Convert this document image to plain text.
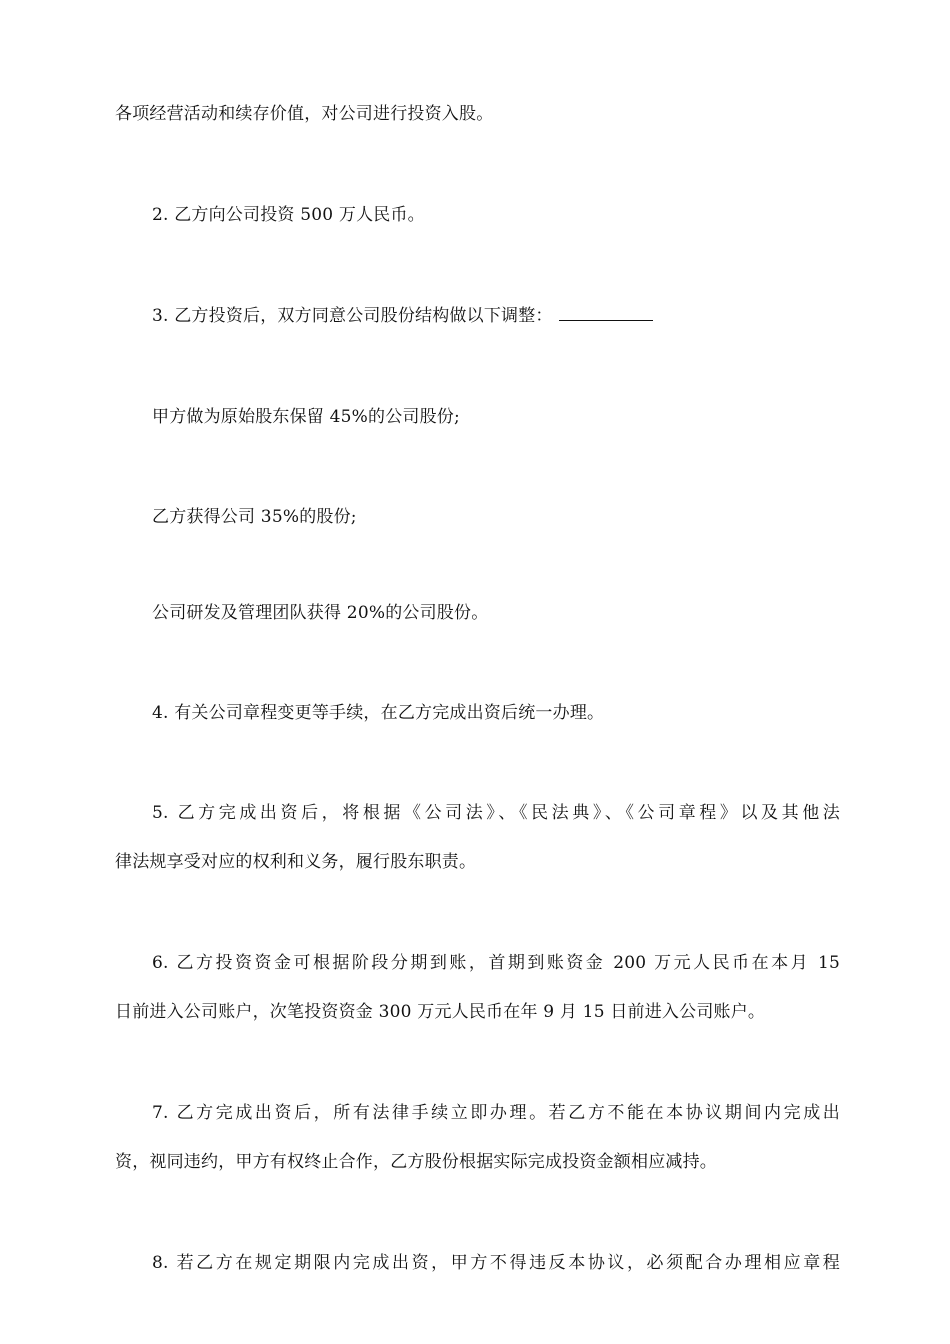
各项经营活动和续存价值，对公司进行投资入股。
2. 乙方向公司投资 500 万人民币。
3. 乙方投资后，双方同意公司股份结构做以下调整：
甲方做为原始股东保留 45%的公司股份;
乙方获得公司 35%的股份;
公司研发及管理团队获得 20%的公司股份。
4. 有关公司章程变更等手续，在乙方完成出资后统一办理。
5. 乙方完成出资后，将根据《公司法》、《民法典》、《公司章程》以及其他法
律法规享受对应的权利和义务，履行股东职责。
6. 乙方投资资金可根据阶段分期到账，首期到账资金 200 万元人民币在本月 15
日前进入公司账户，次笔投资资金 300 万元人民币在年 9 月 15 日前进入公司账户。
7. 乙方完成出资后，所有法律手续立即办理。若乙方不能在本协议期间内完成出
资，视同违约，甲方有权终止合作，乙方股份根据实际完成投资金额相应减持。
8. 若乙方在规定期限内完成出资，甲方不得违反本协议，必须配合办理相应章程
